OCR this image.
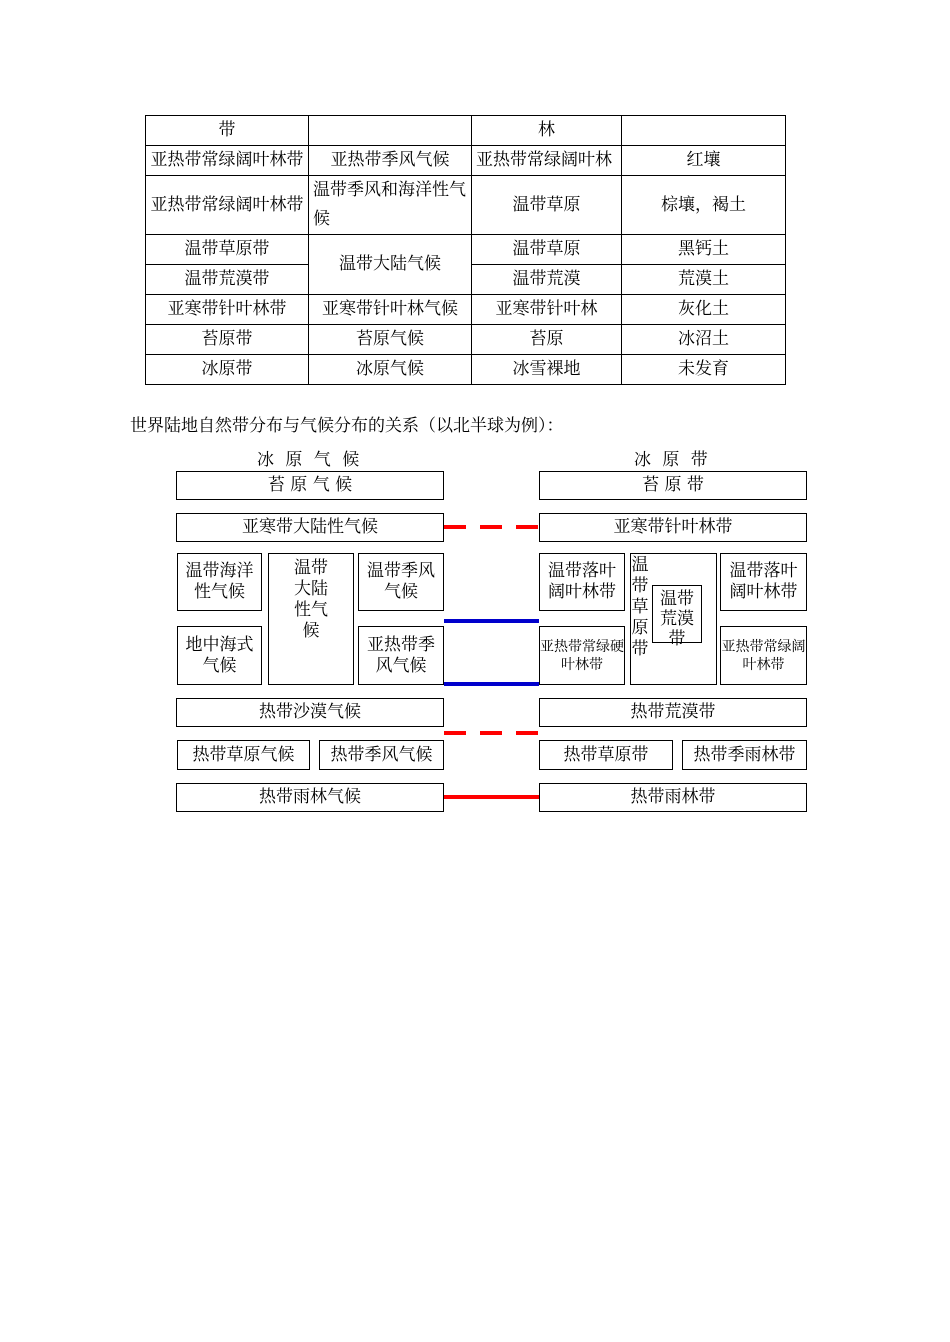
带		林	
亚热带常绿阔叶林带	亚热带季风气候	亚热带常绿阔叶林	红壤
亚热带常绿阔叶林带	温带季风和海洋性气候	温带草原	棕壤，褐土
温带草原带	温带大陆气候	温带草原	黑钙土
温带荒漠带		温带荒漠	荒漠土
亚寒带针叶林带	亚寒带针叶林气候	亚寒带针叶林	灰化土
苔原带	苔原气候	苔原	冰沼土
冰原带	冰原气候	冰雪裸地	未发育
世界陆地自然带分布与气候分布的关系（以北半球为例）：
冰 原 气 候	冰 原 带
苔 原 气 候
亚寒带大陆性气候
温带海洋性气候
温带大陆性气候
温带季风气候
地中海式气候
亚热带季风气候
热带沙漠气候
热带草原气候 热带季风气候
热带雨林气候
苔 原 带
亚寒带针叶林带
温带落叶阔叶林带
温带草原带
温带荒漠带
温带落叶阔叶林带
亚热带常绿硬叶林带
亚热带常绿阔叶林带
热带荒漠带
热带草原带	热带季雨林带
热带雨林带
